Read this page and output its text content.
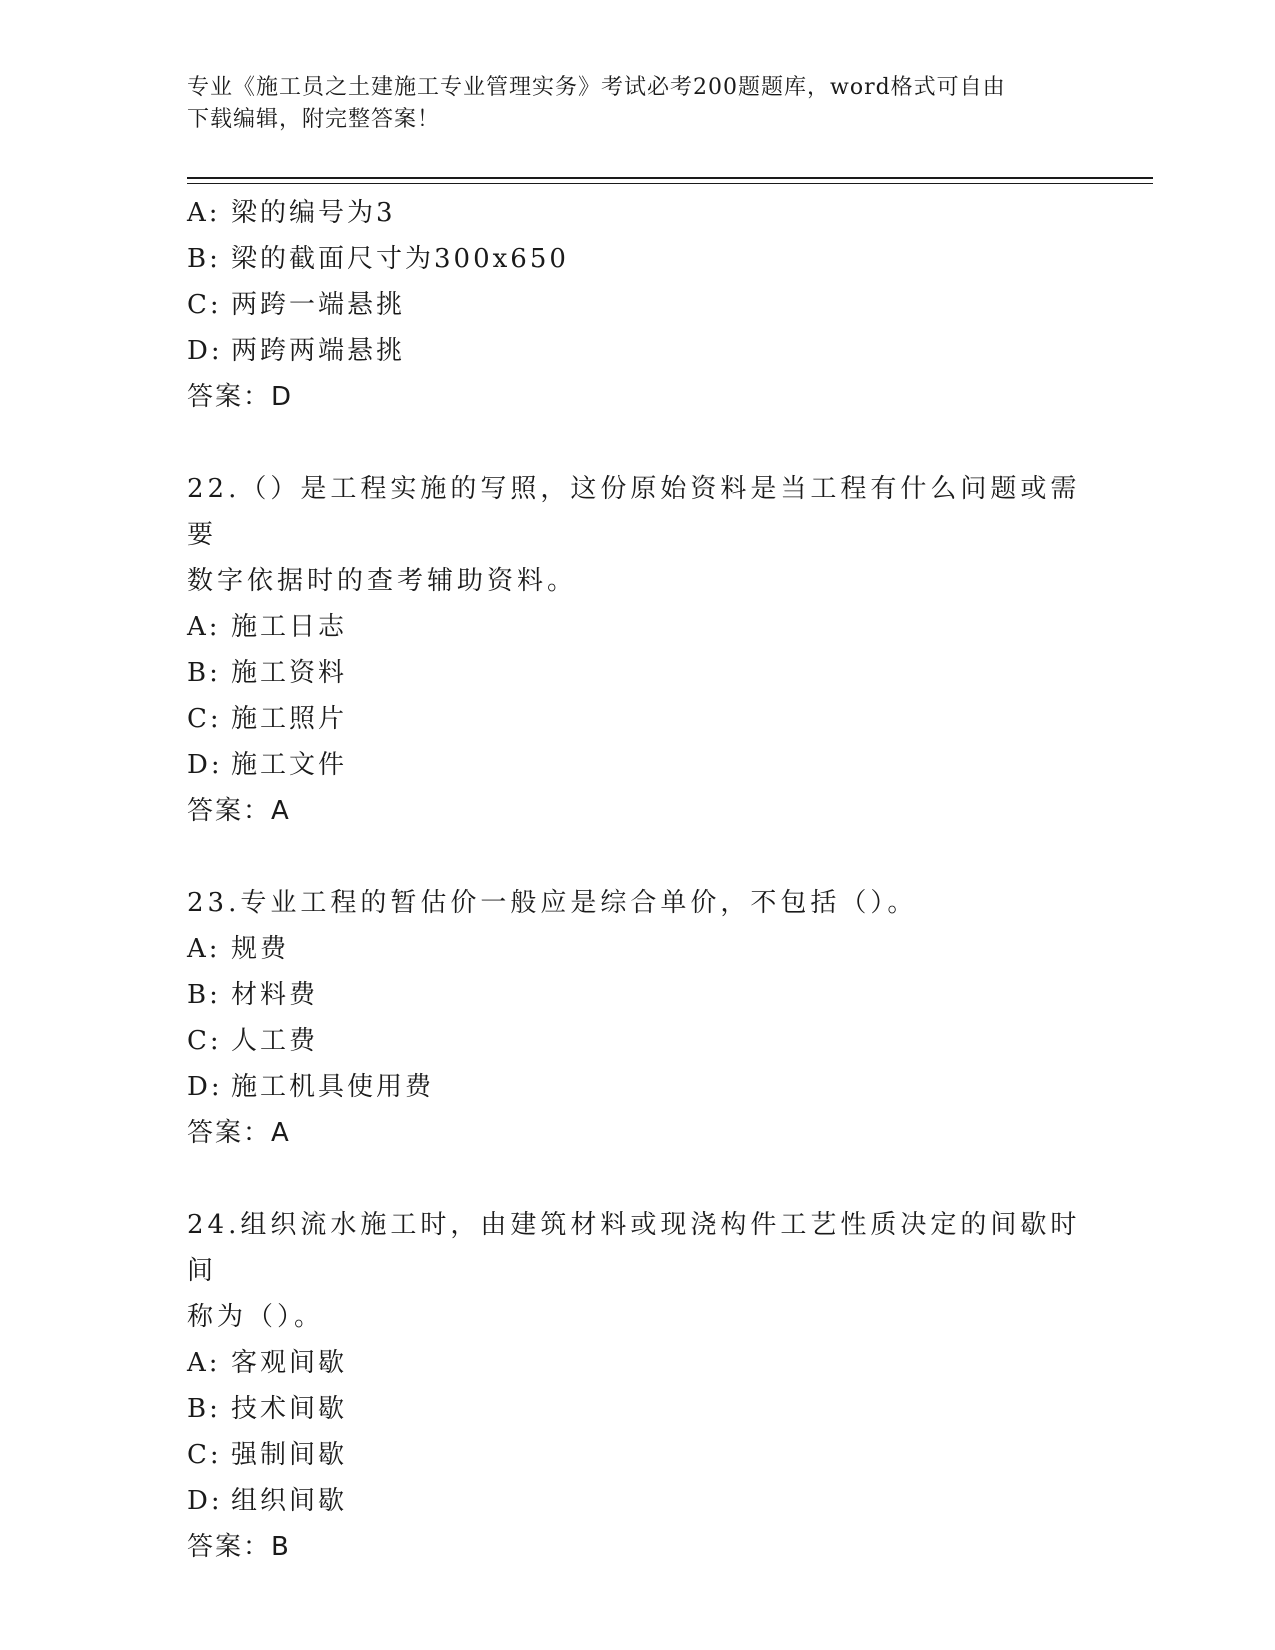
专业《施工员之土建施工专业管理实务》考试必考200题题库，word格式可自由
下载编辑，附完整答案！
A: 梁的编号为3
B: 梁的截面尺寸为300x650
C: 两跨一端悬挑
D: 两跨两端悬挑
答案：D
22.（）是工程实施的写照，这份原始资料是当工程有什么问题或需要
数字依据时的查考辅助资料。
A: 施工日志
B: 施工资料
C: 施工照片
D: 施工文件
答案：A
23.专业工程的暂估价一般应是综合单价，不包括（）。
A: 规费
B: 材料费
C: 人工费
D: 施工机具使用费
答案：A
24.组织流水施工时，由建筑材料或现浇构件工艺性质决定的间歇时间
称为（）。
A: 客观间歇
B: 技术间歇
C: 强制间歇
D: 组织间歇
答案：B
